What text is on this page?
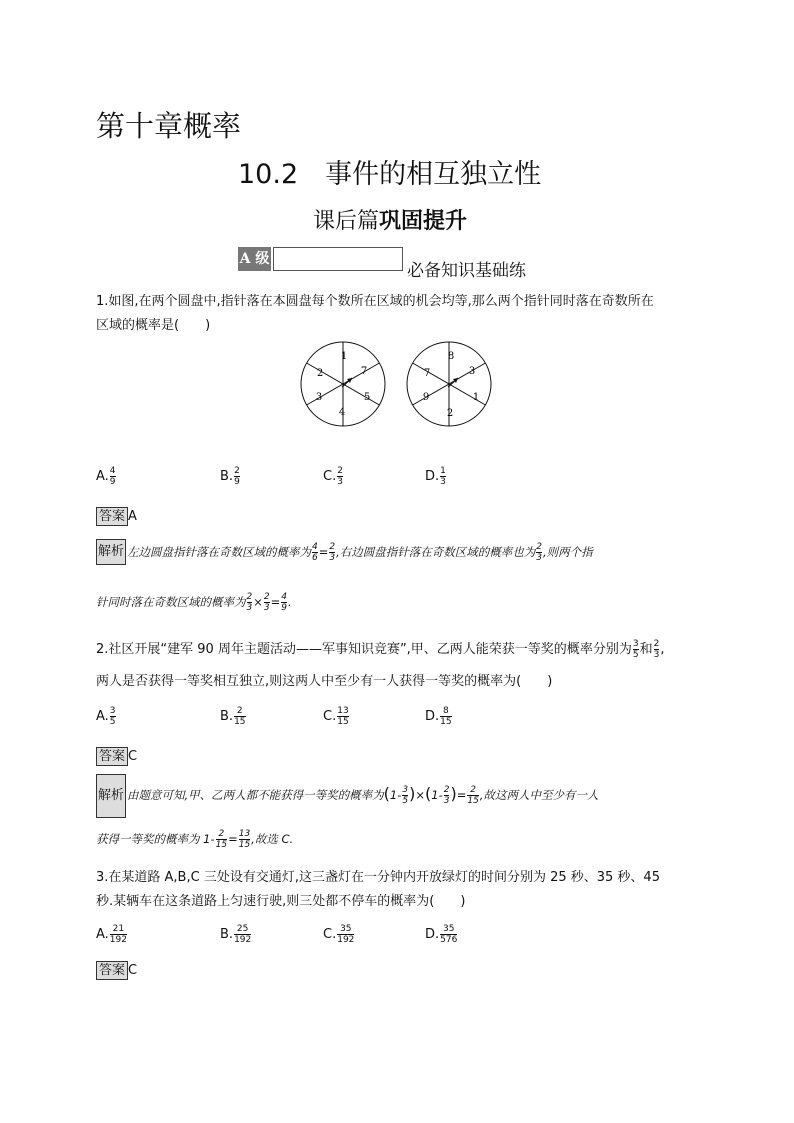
第十章概率
10.2　事件的相互独立性
课后篇巩固提升
A 级
必备知识基础练
1.如图,在两个圆盘中,指针落在本圆盘每个数所在区域的机会均等,那么两个指针同时落在奇数所在
区域的概率是(　　)
1
7
5
4
3
2
8
3
1
2
9
7
A. $\frac{4}{9}$	B. $\frac{2}{9}$	C. $\frac{2}{3}$	D. $\frac{1}{3}$
答案 A
解析 左边圆盘指针落在奇数区域的概率为 $\frac{4}{6} = \frac{2}{3}$ ,右边圆盘指针落在奇数区域的概率也为 $\frac{2}{3}$ ,则两个指
针同时落在奇数区域的概率为 $\frac{2}{3} \times \frac{2}{3} = \frac{4}{9}$ .
2.社区开展“建军 90 周年主题活动——军事知识竞赛”,甲、乙两人能荣获一等奖的概率分别为 $\frac{3}{5}$ 和 $\frac{2}{3}$ ,
两人是否获得一等奖相互独立,则这两人中至少有一人获得一等奖的概率为(　　)
A. $\frac{3}{5}$	B. $\frac{2}{15}$	C. $\frac{13}{15}$	D. $\frac{8}{15}$
答案 C
解析 由题意可知,甲、乙两人都不能获得一等奖的概率为$(1- \frac{3}{5} )\times(1- \frac{2}{3}$ )= $\frac{2}{15}$ ,故这两人中至少有一人
获得一等奖的概率为 $1- \frac{2}{15} = \frac{13}{15}$ ,故选 C.
3.在某道路 A,B,C 三处设有交通灯,这三盏灯在一分钟内开放绿灯的时间分别为 25 秒、35 秒、45
秒.某辆车在这条道路上匀速行驶,则三处都不停车的概率为(　　)
A. $\frac{21}{192}$	B. $\frac{25}{192}$	C. $\frac{35}{192}$	D. $\frac{35}{576}$
答案 C
